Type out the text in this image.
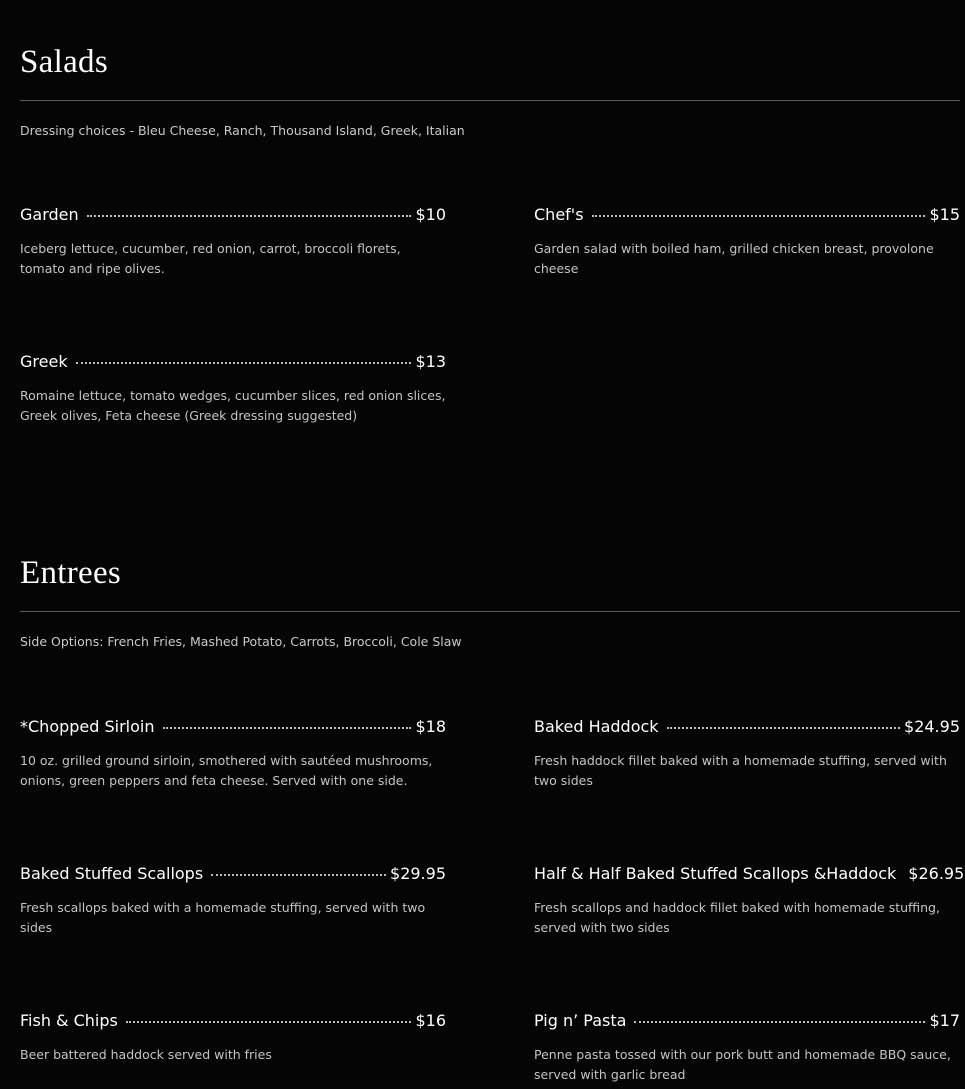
Salads
Dressing choices - Bleu Cheese, Ranch, Thousand Island, Greek, Italian
Garden	$10
Iceberg lettuce, cucumber, red onion, carrot, broccoli florets, tomato and ripe olives.
Chef's	$15
Garden salad with boiled ham, grilled chicken breast, provolone cheese
Greek	$13
Romaine lettuce, tomato wedges, cucumber slices, red onion slices, Greek olives, Feta cheese (Greek dressing suggested)
Entrees
Side Options: French Fries, Mashed Potato, Carrots, Broccoli, Cole Slaw
*Chopped Sirloin	$18
10 oz. grilled ground sirloin, smothered with sautéed mushrooms, onions, green peppers and feta cheese. Served with one side.
Baked Haddock	$24.95
Fresh haddock fillet baked with a homemade stuffing, served with two sides
Baked Stuffed Scallops	$29.95
Fresh scallops baked with a homemade stuffing, served with two sides
Half & Half Baked Stuffed Scallops &Haddock $26.95
Fresh scallops and haddock fillet baked with homemade stuffing, served with two sides
Fish & Chips	$16
Beer battered haddock served with fries
Pig n’ Pasta	$17
Penne pasta tossed with our pork butt and homemade BBQ sauce, served with garlic bread
